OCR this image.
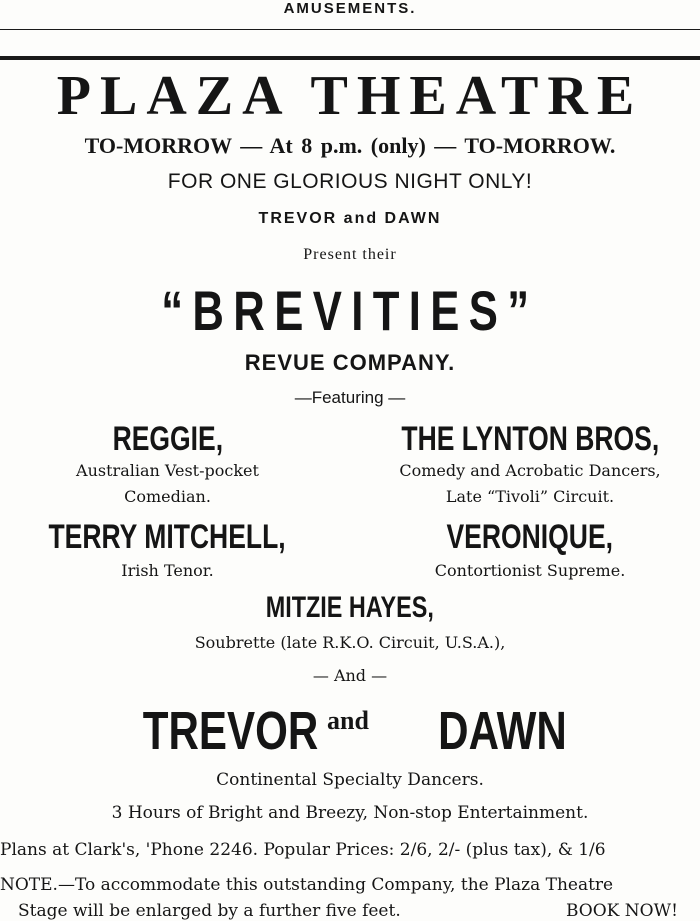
AMUSEMENTS.
PLAZA THEATRE
TO-MORROW — At 8 p.m. (only) — TO-MORROW.
FOR ONE GLORIOUS NIGHT ONLY!
TREVOR and DAWN
Present their
“BREVITIES”
REVUE COMPANY.
—Featuring —
REGGIE,
Australian Vest-pocket
Comedian.
THE LYNTON BROS,
Comedy and Acrobatic Dancers,
Late “Tivoli” Circuit.
TERRY MITCHELL,
Irish Tenor.
VERONIQUE,
Contortionist Supreme.
MITZIE HAYES,
Soubrette (late R.K.O. Circuit, U.S.A.),
— And —
TREVOR and	DAWN
Continental Specialty Dancers.
3 Hours of Bright and Breezy, Non-stop Entertainment.
Plans at Clark's, 'Phone 2246. Popular Prices: 2/6, 2/- (plus tax), & 1/6
NOTE.—To accommodate this outstanding Company, the Plaza Theatre
Stage will be enlarged by a further five feet.	BOOK NOW!
